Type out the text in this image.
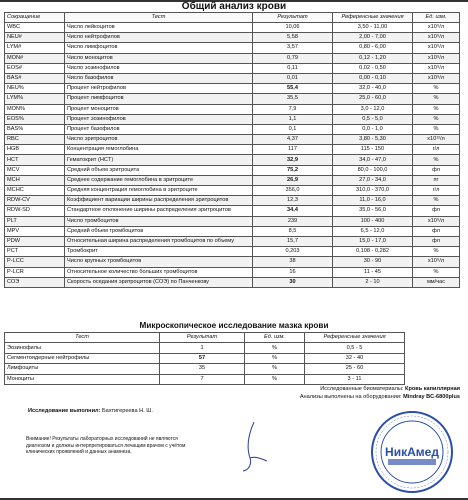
Общий анализ крови
Сокращение	Тест	Результат	Референсные значения	Ед. изм.
WBC	Число лейкоцитов	10,06	3,50 - 11,00	x10⁹/л
NEU#	Число нейтрофилов	5,58	2,00 - 7,00	x10⁹/л
LYM#	Число лимфоцитов	3,57	0,80 - 6,00	x10⁹/л
MON#	Число моноцитов	0,79	0,12 - 1,20	x10⁹/л
EOS#	Число эозинофилов	0,11	0,02 - 0,50	x10⁹/л
BAS#	Число базофилов	0,01	0,00 - 0,10	x10⁹/л
NEU%	Процент нейтрофилов	55,4	32,0 - 40,0	%
LYM%	Процент лимфоцитов	35,5	25,0 - 60,0	%
MON%	Процент моноцитов	7,9	3,0 - 12,0	%
EOS%	Процент эозинофилов	1,1	0,5 - 5,0	%
BAS%	Процент базофилов	0,1	0,0 - 1,0	%
RBC	Число эритроцитов	4,37	3,80 - 5,30	x10¹²/л
HGB	Концентрация гемоглобина	117	115 - 150	г/л
HCT	Гематокрит (HCT)	32,9	34,0 - 47,0	%
MCV	Средний объем эритроцита	75,2	80,0 - 100,0	фл
MCH	Среднее содержание гемоглобина в эритроците	26,9	27,0 - 34,0	пг
MCHC	Средняя концентрация гемоглобина в эритроците	356,0	310,0 - 370,0	г/л
RDW-CV	Коэффициент вариации ширины распределения эритроцитов	12,3	11,0 - 16,0	%
RDW-SD	Стандартное отклонение ширины распределения эритроцитов	34,4	35,0 - 56,0	фл
PLT	Число тромбоцитов	239	100 - 400	x10⁹/л
MPV	Средний объем тромбоцитов	8,5	6,5 - 12,0	фл
PDW	Относительная ширина распределения тромбоцитов по объему	15,7	15,0 - 17,0	фл
PCT	Тромбокрит	0,203	0,108 - 0,282	%
P-LCC	Число крупных тромбоцитов	38	30 - 90	x10⁹/л
P-LCR	Относительное количество больших тромбоцитов	16	11 - 45	%
СОЭ	Скорость оседания эритроцитов (СОЭ) по Панченкову	30	2 - 10	мм/час
Микроскопическое исследование мазка крови
Тест	Результат	Ед. изм.	Референсные значения
Эозинофилы	1	%	0,5 - 5
Сегментоядерные нейтрофилы	57	%	32 - 40
Лимфоциты	35	%	25 - 60
Моноциты	7	%	3 - 11
Исследованные биоматериалы: Кровь капиллярная
Анализы выполнены на оборудовании: Mindray BC-6800plus
Исследование выполнил: Бахтигереева Н. Ш.
Внимание! Результаты лабораторных исследований не являются
диагнозом и должны интерпретироваться лечащим врачом с учётом
клинических проявлений и данных анамнеза.	НикАмед
